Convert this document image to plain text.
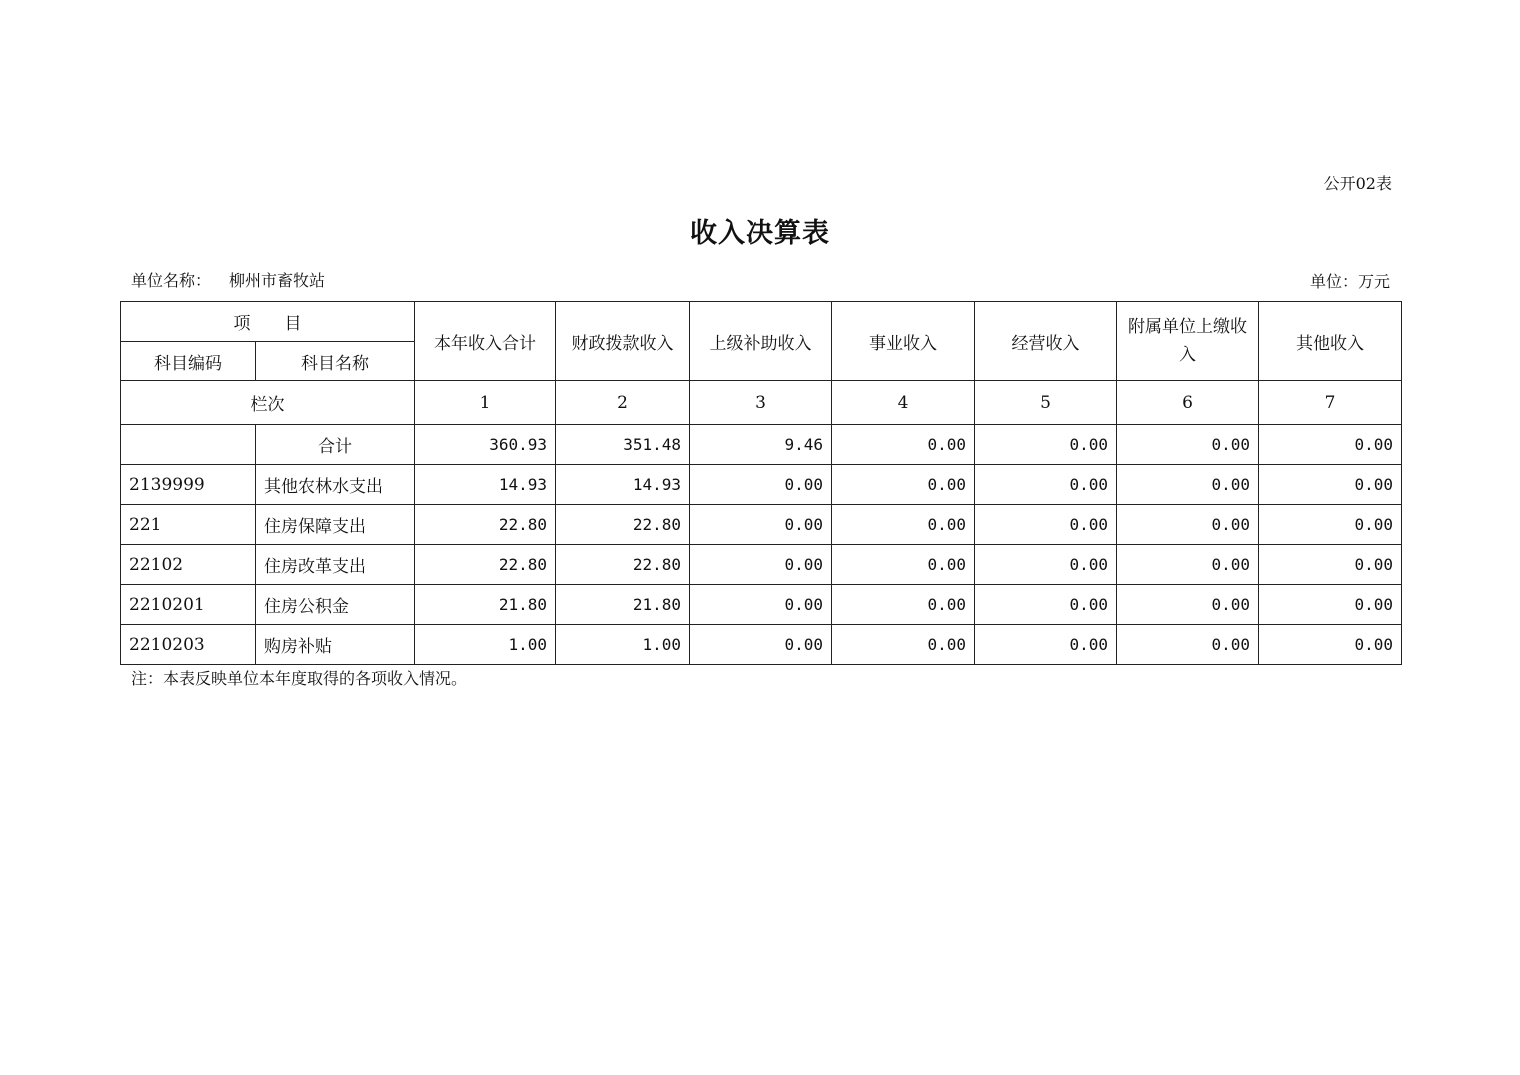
公开02表
收入决算表
单位名称： 柳州市畜牧站	单位：万元
项　　目		本年收入合计	财政拨款收入	上级补助收入	事业收入	经营收入	附属单位上缴收入	其他收入
科目编码	科目名称							
栏次		1	2	3	4	5	6	7
	合计	360.93	351.48	9.46	0.00	0.00	0.00	0.00
2139999	其他农林水支出	14.93	14.93	0.00	0.00	0.00	0.00	0.00
221	住房保障支出	22.80	22.80	0.00	0.00	0.00	0.00	0.00
22102	住房改革支出	22.80	22.80	0.00	0.00	0.00	0.00	0.00
2210201	住房公积金	21.80	21.80	0.00	0.00	0.00	0.00	0.00
2210203	购房补贴	1.00	1.00	0.00	0.00	0.00	0.00	0.00
注：本表反映单位本年度取得的各项收入情况。
